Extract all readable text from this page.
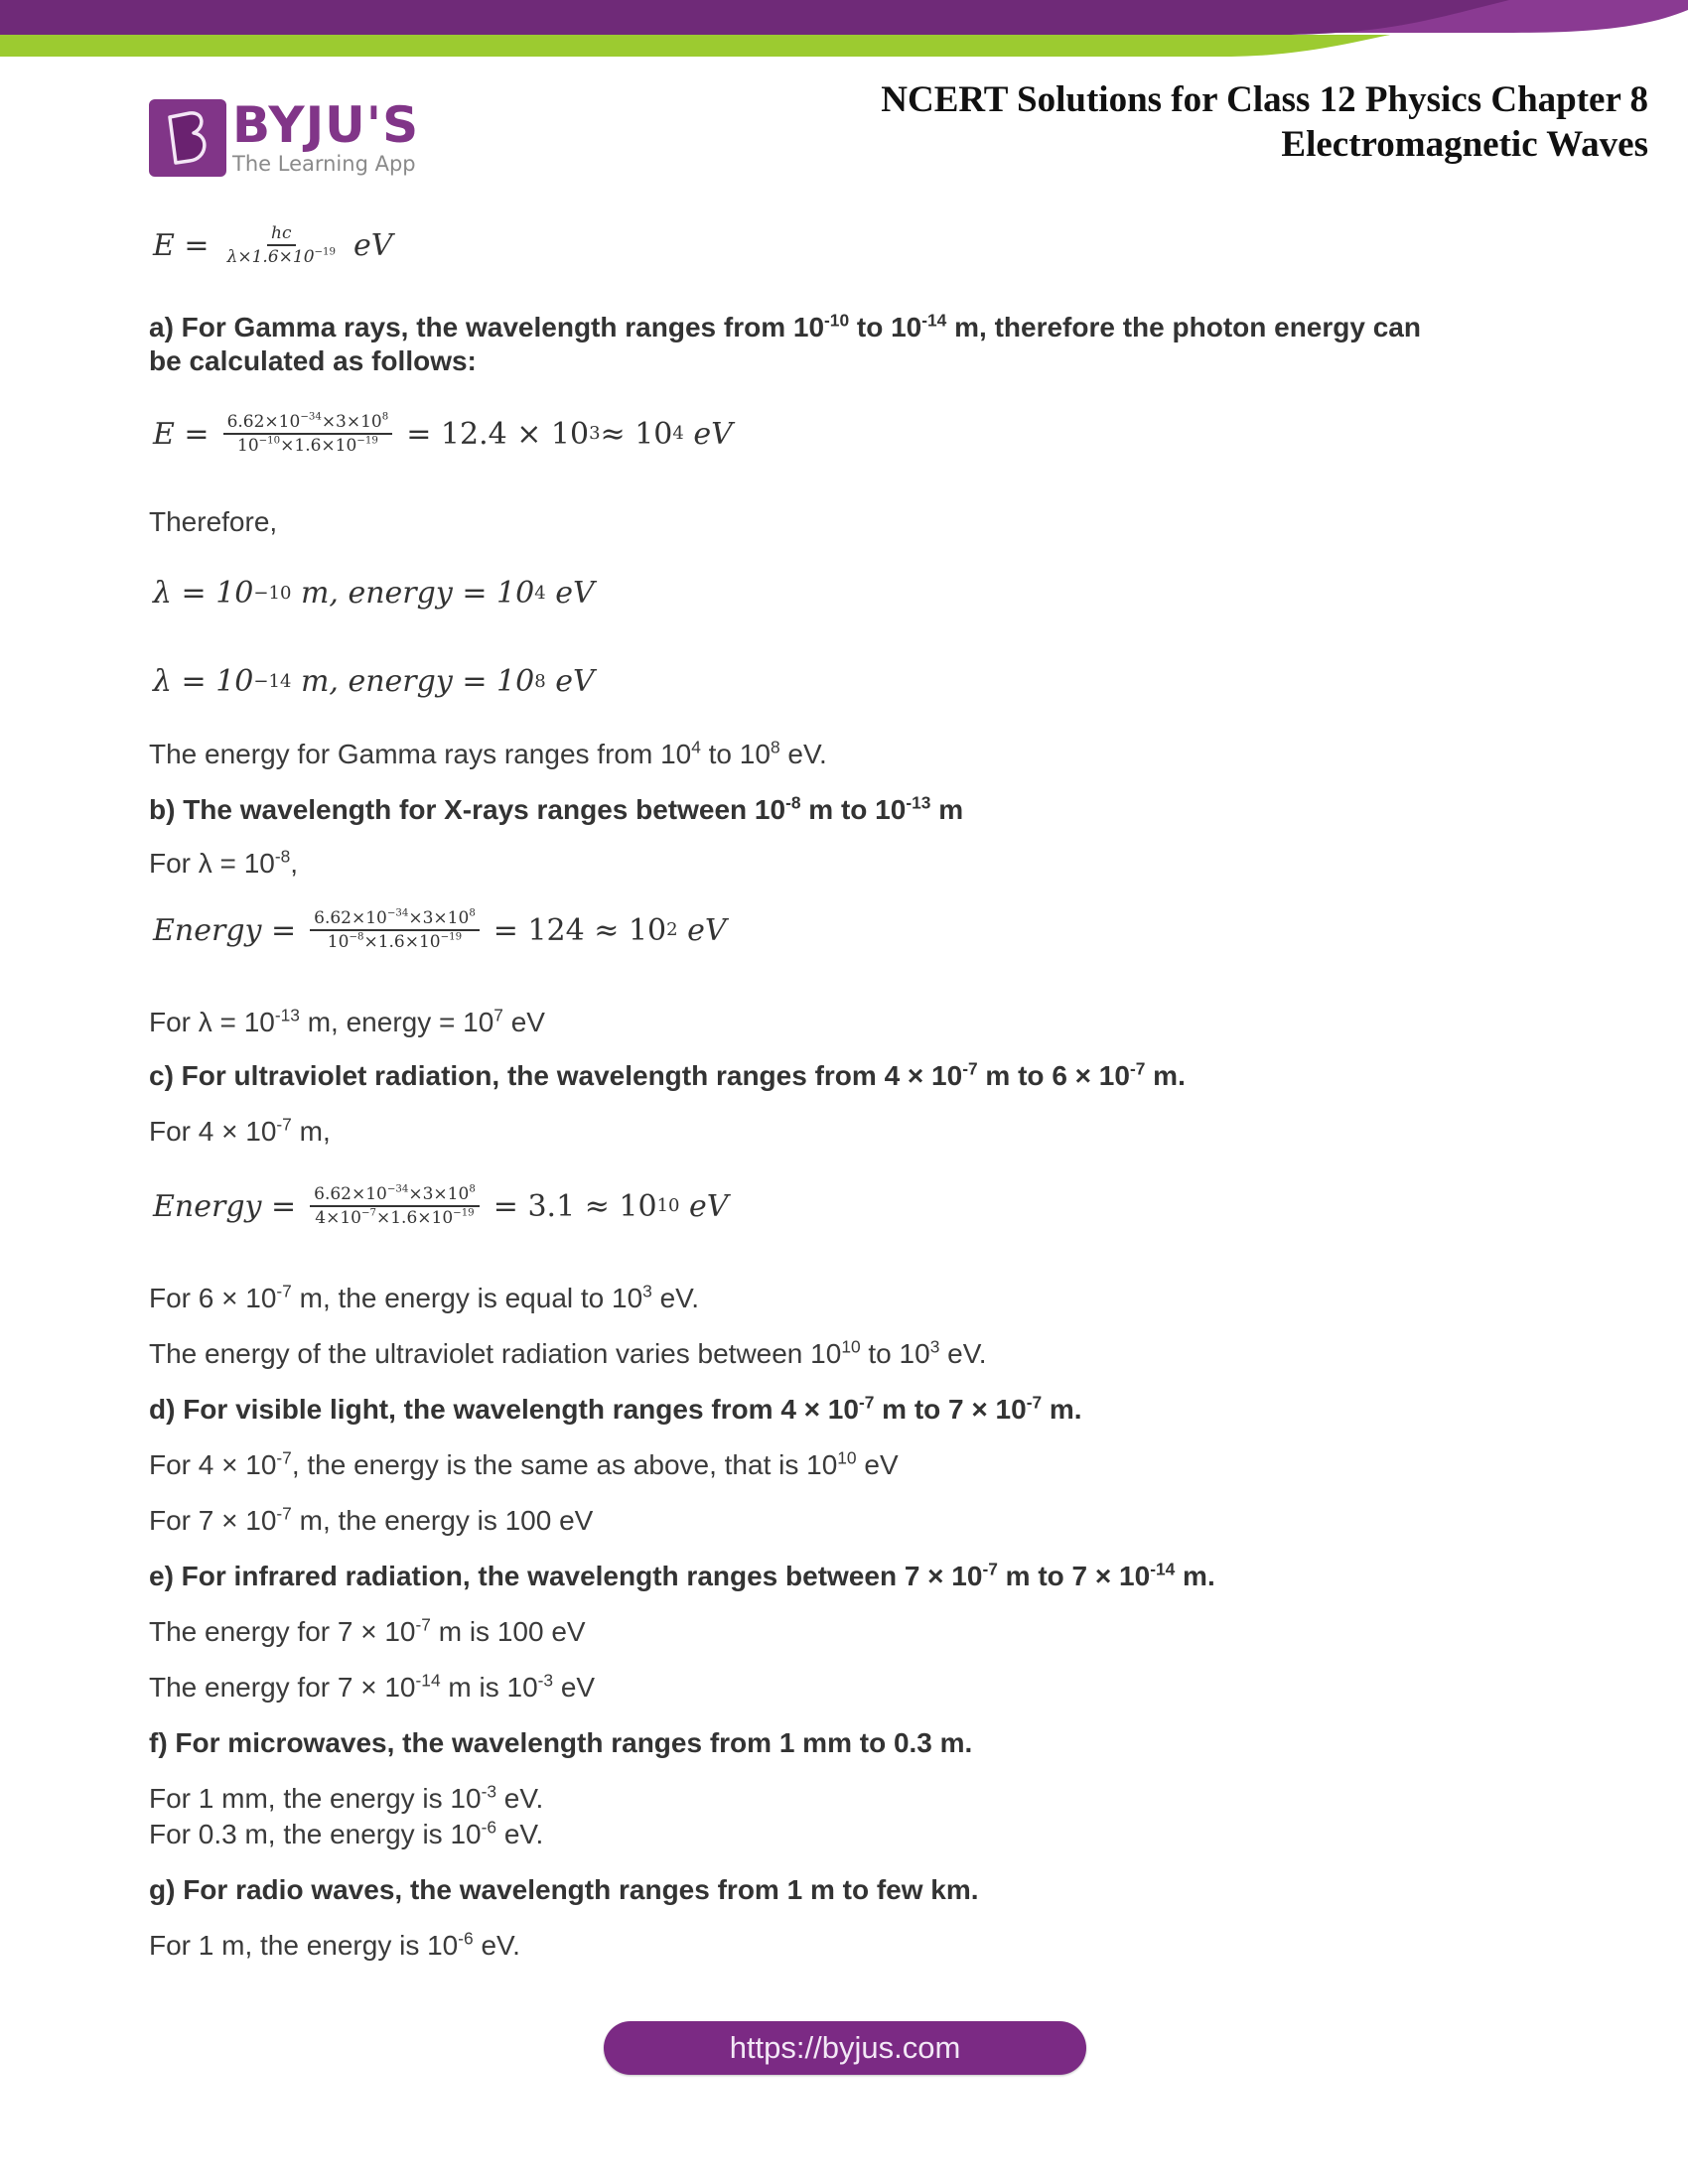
BYJU'S
The Learning App
NCERT Solutions for Class 12 Physics Chapter 8
Electromagnetic Waves
$E = \frac{hc}{\lambda\times 1.6\times 10^{-19}}$ eV
a) For Gamma rays, the wavelength ranges from $10^{-10}$ to $10^{-14}$ m, therefore the photon energy can
be calculated as follows:
$E = \frac{6.62\times 10^{-34}\times 3\times 10^8}{10^{-10}\times 1.6\times 10^{-19}} = 12.4 \times 10$ 3 ≈ 10 4
eV
Therefore,
λ = 10 −10
m, energy = 10 4
eV
λ = 10 −14
m, energy = 10 8
eV
The energy for Gamma rays ranges from $10^4$ to $10^8$ eV.
b) The wavelength for X-rays ranges between $10^{-8}$ m to $10^{-13}$ m
For $\lambda = 10^{-8}$,
Energy = $\frac{6.62\times 10^{-34}\times 3\times 10^8}{10^{-8}\times 1.6\times 10^{-19}} = 124 \approx 10$ 2
eV
For $\lambda = 10^{-13}$ m, energy = $10^7$ eV
c) For ultraviolet radiation, the wavelength ranges from $4 \times 10^{-7}$ m to $6 \times 10^{-7}$ m.
For $4 \times 10^{-7}$ m,
Energy = $\frac{6.62\times 10^{-34}\times 3\times 10^8}{4\times 10^{-7}\times 1.6\times 10^{-19}} = 3.1 \approx 10$ 10
eV
For $6 \times 10^{-7}$ m, the energy is equal to $10^3$ eV.
The energy of the ultraviolet radiation varies between $10^{10}$ to $10^3$ eV.
d) For visible light, the wavelength ranges from $4 \times 10^{-7}$ m to $7 \times 10^{-7}$ m.
For $4 \times 10^{-7}$, the energy is the same as above, that is $10^{10}$ eV
For $7 \times 10^{-7}$ m, the energy is 100 eV
e) For infrared radiation, the wavelength ranges between $7 \times 10^{-7}$ m to $7 \times 10^{-14}$ m.
The energy for $7 \times 10^{-7}$ m is 100 eV
The energy for $7 \times 10^{-14}$ m is $10^{-3}$ eV
f) For microwaves, the wavelength ranges from 1 mm to 0.3 m.
For 1 mm, the energy is $10^{-3}$ eV.
For 0.3 m, the energy is $10^{-6}$ eV.
g) For radio waves, the wavelength ranges from 1 m to few km.
For 1 m, the energy is $10^{-6}$ eV.
https://byjus.com
